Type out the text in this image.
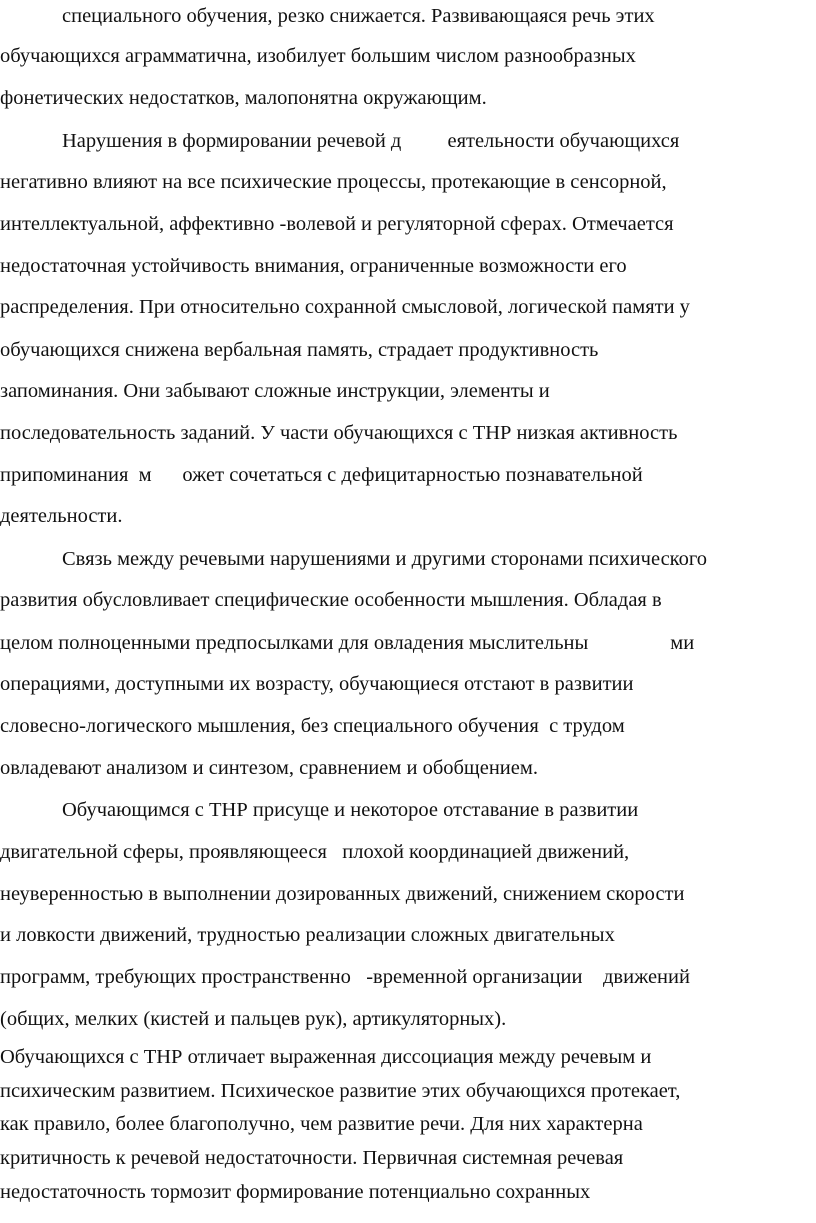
специального обучения, резко снижается. Развивающаяся речь этих
обучающихся аграмматична, изобилует большим числом разнообразных
фонетических недостатков, малопонятна окружающим.
Нарушения в формировании речевой д         еятельности обучающихся
негативно влияют на все психические процессы, протекающие в сенсорной,
интеллектуальной, аффективно -волевой и регуляторной сферах. Отмечается
недостаточная устойчивость внимания, ограниченные возможности его
распределения. При относительно сохранной смысловой, логической памяти у
обучающихся снижена вербальная память, страдает продуктивность
запоминания. Они забывают сложные инструкции, элементы и
последовательность заданий. У части обучающихся с ТНР низкая активность
припоминания  м      ожет сочетаться с дефицитарностью познавательной
деятельности.
Связь между речевыми нарушениями и другими сторонами психического
развития обусловливает специфические особенности мышления. Обладая в
целом полноценными предпосылками для овладения мыслительны                ми
операциями, доступными их возрасту, обучающиеся отстают в развитии
словесно-логического мышления, без специального обучения  с трудом
овладевают анализом и синтезом, сравнением и обобщением.
Обучающимся с ТНР присуще и некоторое отставание в развитии
двигательной сферы, проявляющееся   плохой координацией движений,
неуверенностью в выполнении дозированных движений, снижением скорости
и ловкости движений, трудностью реализации сложных двигательных
программ, требующих пространственно   -временной организации    движений
(общих, мелких (кистей и пальцев рук), артикуляторных).
Обучающихся с ТНР отличает выраженная диссоциация между речевым и
психическим развитием. Психическое развитие этих обучающихся протекает,
как правило, более благополучно, чем развитие речи. Для них характерна
критичность к речевой недостаточности. Первичная системная речевая
недостаточность тормозит формирование потенциально сохранных
